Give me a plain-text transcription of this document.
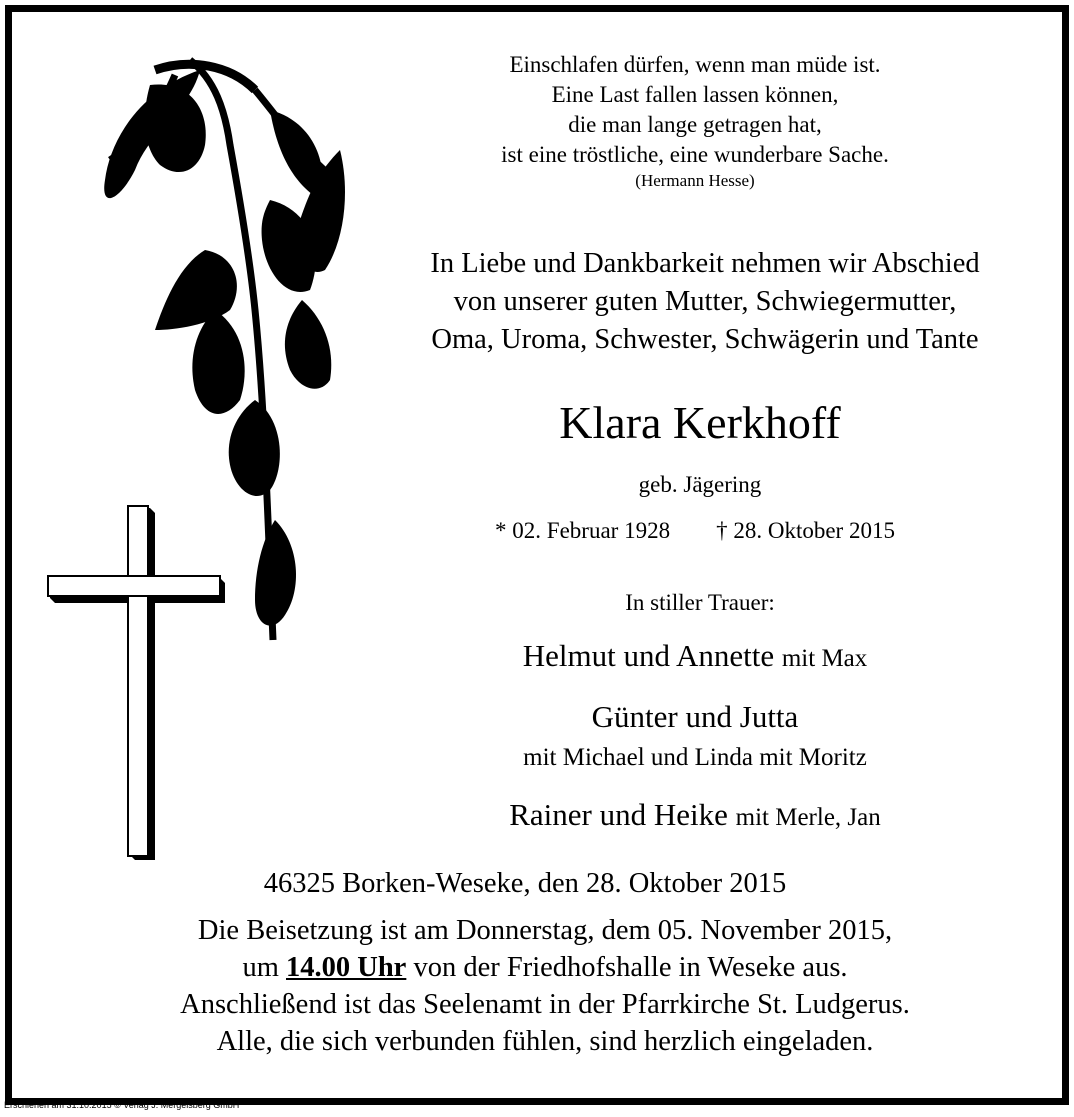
Einschlafen dürfen, wenn man müde ist.
Eine Last fallen lassen können,
die man lange getragen hat,
ist eine tröstliche, eine wunderbare Sache.
(Hermann Hesse)
In Liebe und Dankbarkeit nehmen wir Abschied
von unserer guten Mutter, Schwiegermutter,
Oma, Uroma, Schwester, Schwägerin und Tante
Klara Kerkhoff
geb. Jägering
* 02. Februar 1928 † 28. Oktober 2015
In stiller Trauer:
Helmut und Annette mit Max
Günter und Jutta
mit Michael und Linda mit Moritz
Rainer und Heike mit Merle, Jan
46325 Borken-Weseke, den 28. Oktober 2015
Die Beisetzung ist am Donnerstag, dem 05. November 2015,
um 14.00 Uhr von der Friedhofshalle in Weseke aus.
Anschließend ist das Seelenamt in der Pfarrkirche St. Ludgerus.
Alle, die sich verbunden fühlen, sind herzlich eingeladen.
Erschienen am 31.10.2015 © Verlag J. Mergelsberg GmbH
